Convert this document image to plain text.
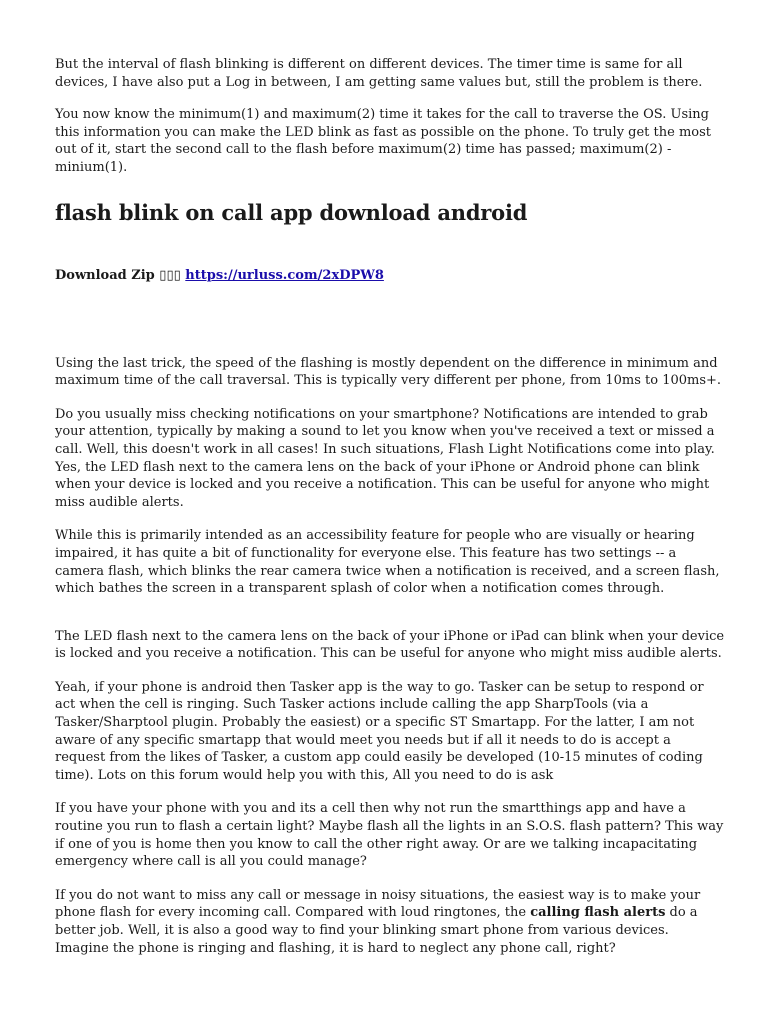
But the interval of flash blinking is different on different devices. The timer time is same for all devices, I have also put a Log in between, I am getting same values but, still the problem is there.

You now know the minimum(1) and maximum(2) time it takes for the call to traverse the OS. Using this information you can make the LED blink as fast as possible on the phone. To truly get the most out of it, start the second call to the flash before maximum(2) time has passed; maximum(2) - minium(1).

flash blink on call app download android
Download Zip ▯▯▯ https://urluss.com/2xDPW8

Using the last trick, the speed of the flashing is mostly dependent on the difference in minimum and maximum time of the call traversal. This is typically very different per phone, from 10ms to 100ms+.

Do you usually miss checking notifications on your smartphone? Notifications are intended to grab your attention, typically by making a sound to let you know when you've received a text or missed a call. Well, this doesn't work in all cases! In such situations, Flash Light Notifications come into play. Yes, the LED flash next to the camera lens on the back of your iPhone or Android phone can blink when your device is locked and you receive a notification. This can be useful for anyone who might miss audible alerts.

While this is primarily intended as an accessibility feature for people who are visually or hearing impaired, it has quite a bit of functionality for everyone else. This feature has two settings -- a camera flash, which blinks the rear camera twice when a notification is received, and a screen flash, which bathes the screen in a transparent splash of color when a notification comes through.

The LED flash next to the camera lens on the back of your iPhone or iPad can blink when your device is locked and you receive a notification. This can be useful for anyone who might miss audible alerts.

Yeah, if your phone is android then Tasker app is the way to go. Tasker can be setup to respond or act when the cell is ringing. Such Tasker actions include calling the app SharpTools (via a Tasker/Sharptool plugin. Probably the easiest) or a specific ST Smartapp. For the latter, I am not aware of any specific smartapp that would meet you needs but if all it needs to do is accept a request from the likes of Tasker, a custom app could easily be developed (10-15 minutes of coding time). Lots on this forum would help you with this, All you need to do is ask

If you have your phone with you and its a cell then why not run the smartthings app and have a routine you run to flash a certain light? Maybe flash all the lights in an S.O.S. flash pattern? This way if one of you is home then you know to call the other right away. Or are we talking incapacitating emergency where call is all you could manage?

If you do not want to miss any call or message in noisy situations, the easiest way is to make your phone flash for every incoming call. Compared with loud ringtones, the calling flash alerts do a better job. Well, it is also a good way to find your blinking smart phone from various devices. Imagine the phone is ringing and flashing, it is hard to neglect any phone call, right?
